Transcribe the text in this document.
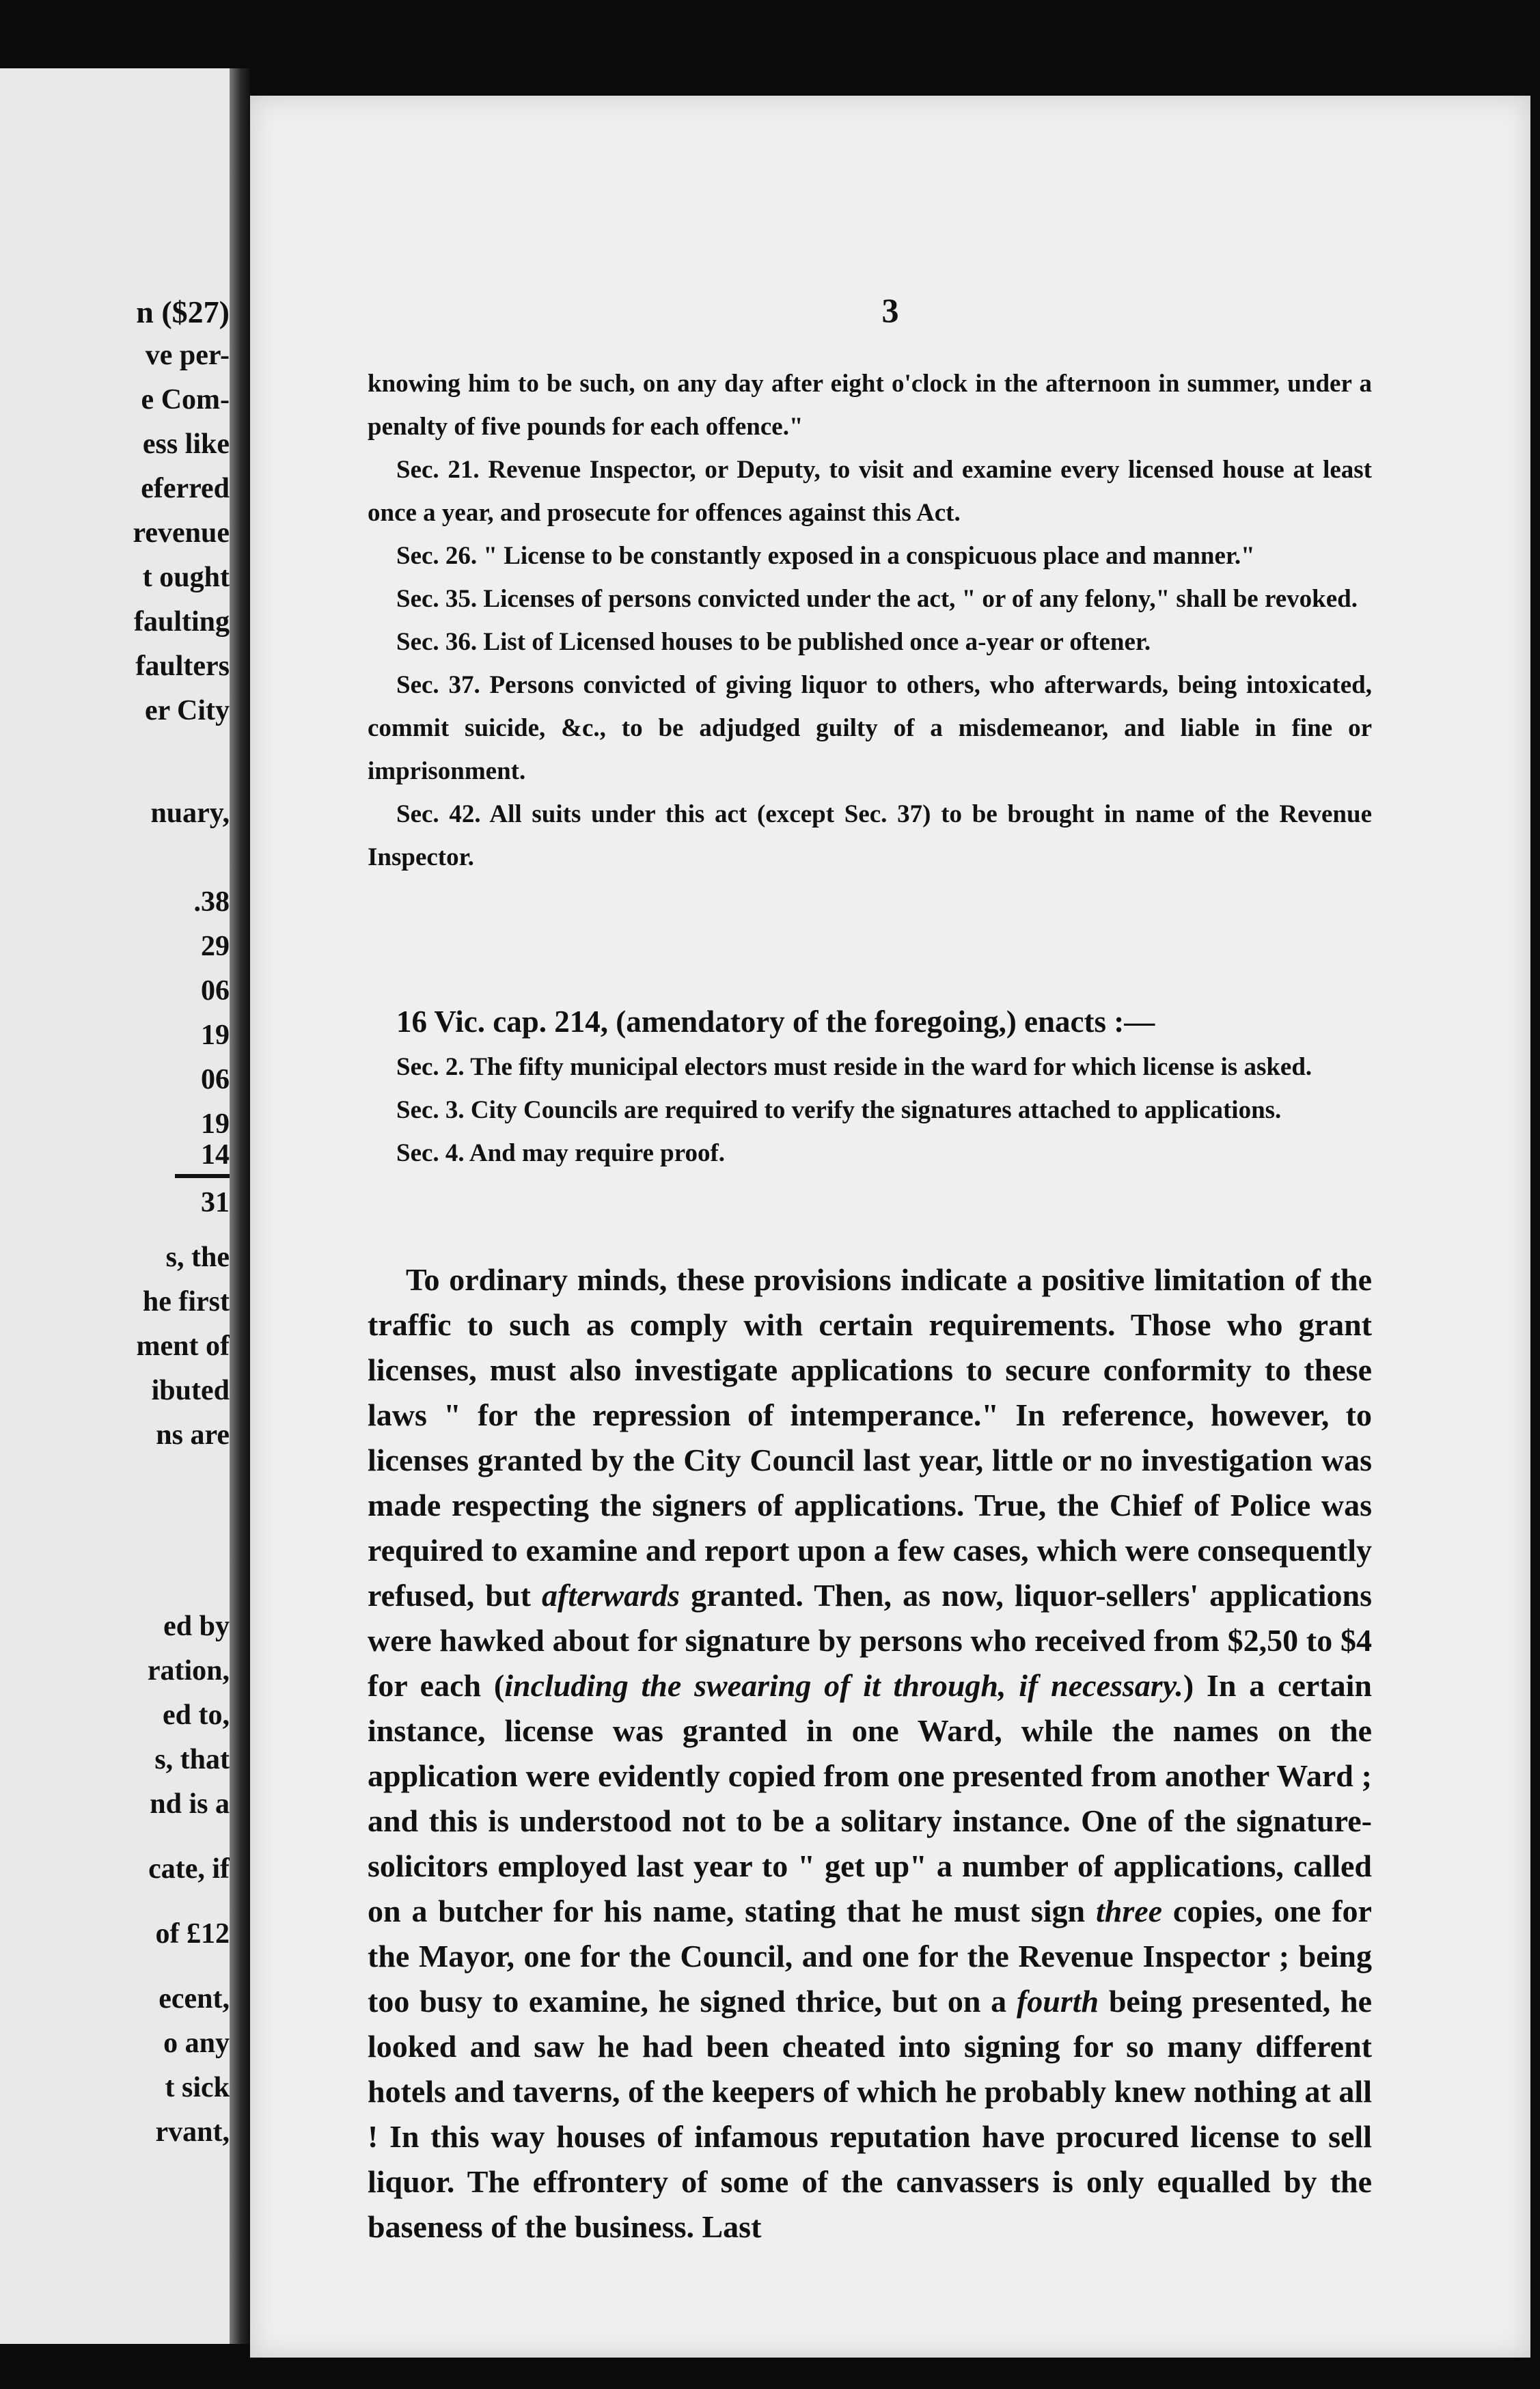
n ($27)
ve per-
e Com-
ess like
eferred
revenue
t ought
faulting
faulters
er City
nuary,
.38
29
06
19
06
19
14
31
s, the
he first
ment of
ibuted
ns are
ed by
ration,
ed to,
s, that
nd is a
cate, if
of £12
ecent,
o any
t sick
rvant,
3

knowing him to be such, on any day after eight o'clock in the afternoon in summer, under a penalty of five pounds for each offence."

Sec. 21. Revenue Inspector, or Deputy, to visit and examine every licensed house at least once a year, and prosecute for offences against this Act.

Sec. 26. " License to be constantly exposed in a conspicuous place and manner."

Sec. 35. Licenses of persons convicted under the act, " or of any felony," shall be revoked.

Sec. 36. List of Licensed houses to be published once a-year or oftener.

Sec. 37. Persons convicted of giving liquor to others, who afterwards, being intoxicated, commit suicide, &c., to be adjudged guilty of a misdemeanor, and liable in fine or imprisonment.

Sec. 42. All suits under this act (except Sec. 37) to be brought in name of the Revenue Inspector.

16 Vic. cap. 214, (amendatory of the foregoing,) enacts :—

Sec. 2. The fifty municipal electors must reside in the ward for which license is asked.

Sec. 3. City Councils are required to verify the signatures attached to applications.

Sec. 4. And may require proof.

To ordinary minds, these provisions indicate a positive limitation of the traffic to such as comply with certain requirements. Those who grant licenses, must also investigate applications to secure conformity to these laws " for the repression of intemperance." In reference, however, to licenses granted by the City Council last year, little or no investigation was made respecting the signers of applications. True, the Chief of Police was required to examine and report upon a few cases, which were consequently refused, but afterwards granted. Then, as now, liquor-sellers' applications were hawked about for signature by persons who received from $2,50 to $4 for each (including the swearing of it through, if necessary.) In a certain instance, license was granted in one Ward, while the names on the application were evidently copied from one presented from another Ward ; and this is understood not to be a solitary instance. One of the signature-solicitors employed last year to " get up" a number of applications, called on a butcher for his name, stating that he must sign three copies, one for the Mayor, one for the Council, and one for the Revenue Inspector ; being too busy to examine, he signed thrice, but on a fourth being presented, he looked and saw he had been cheated into signing for so many different hotels and taverns, of the keepers of which he probably knew nothing at all ! In this way houses of infamous reputation have procured license to sell liquor. The effrontery of some of the canvassers is only equalled by the baseness of the business. Last
